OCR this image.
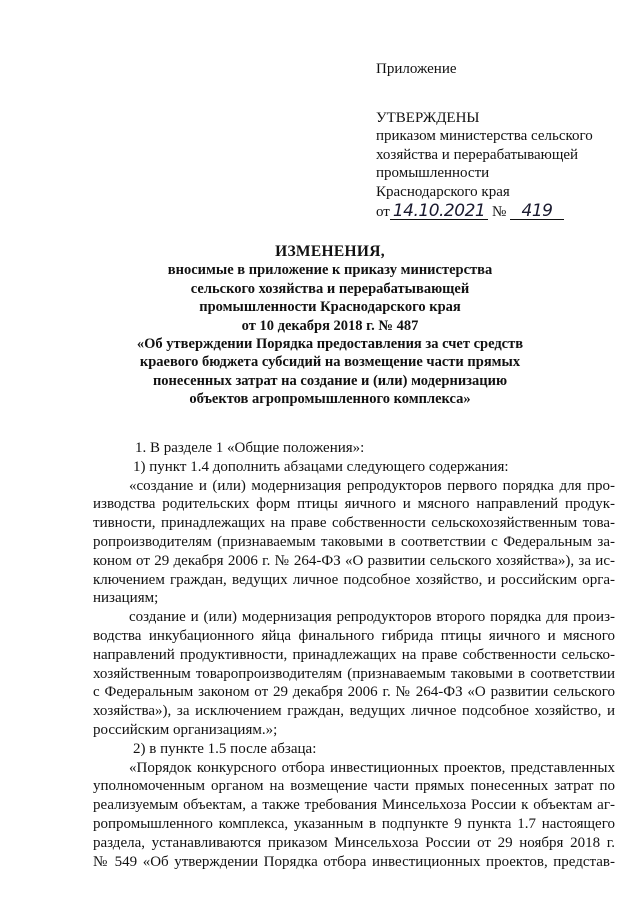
Приложение
УТВЕРЖДЕНЫ
приказом министерства сельского
хозяйства и перерабатывающей
промышленности
Краснодарского края
от 14.10.2021 № 419
ИЗМЕНЕНИЯ,
вносимые в приложение к приказу министерства
сельского хозяйства и перерабатывающей
промышленности Краснодарского края
от 10 декабря 2018 г. № 487
«Об утверждении Порядка предоставления за счет средств
краевого бюджета субсидий на возмещение части прямых
понесенных затрат на создание и (или) модернизацию
объектов агропромышленного комплекса»
1. В разделе 1 «Общие положения»:
1) пункт 1.4 дополнить абзацами следующего содержания:
«создание и (или) модернизация репродукторов первого порядка для про-
изводства родительских форм птицы яичного и мясного направлений продук-
тивности, принадлежащих на праве собственности сельскохозяйственным това-
ропроизводителям (признаваемым таковыми в соответствии с Федеральным за-
коном от 29 декабря 2006 г. № 264-ФЗ «О развитии сельского хозяйства»), за ис-
ключением граждан, ведущих личное подсобное хозяйство, и российским орга-
низациям;
создание и (или) модернизация репродукторов второго порядка для произ-
водства инкубационного яйца финального гибрида птицы яичного и мясного
направлений продуктивности, принадлежащих на праве собственности сельско-
хозяйственным товаропроизводителям (признаваемым таковыми в соответствии
с Федеральным законом от 29 декабря 2006 г. № 264-ФЗ «О развитии сельского
хозяйства»), за исключением граждан, ведущих личное подсобное хозяйство, и
российским организациям.»;
2) в пункте 1.5 после абзаца:
«Порядок конкурсного отбора инвестиционных проектов, представленных
уполномоченным органом на возмещение части прямых понесенных затрат по
реализуемым объектам, а также требования Минсельхоза России к объектам аг-
ропромышленного комплекса, указанным в подпункте 9 пункта 1.7 настоящего
раздела, устанавливаются приказом Минсельхоза России от 29 ноября 2018 г.
№ 549 «Об утверждении Порядка отбора инвестиционных проектов, представ-
